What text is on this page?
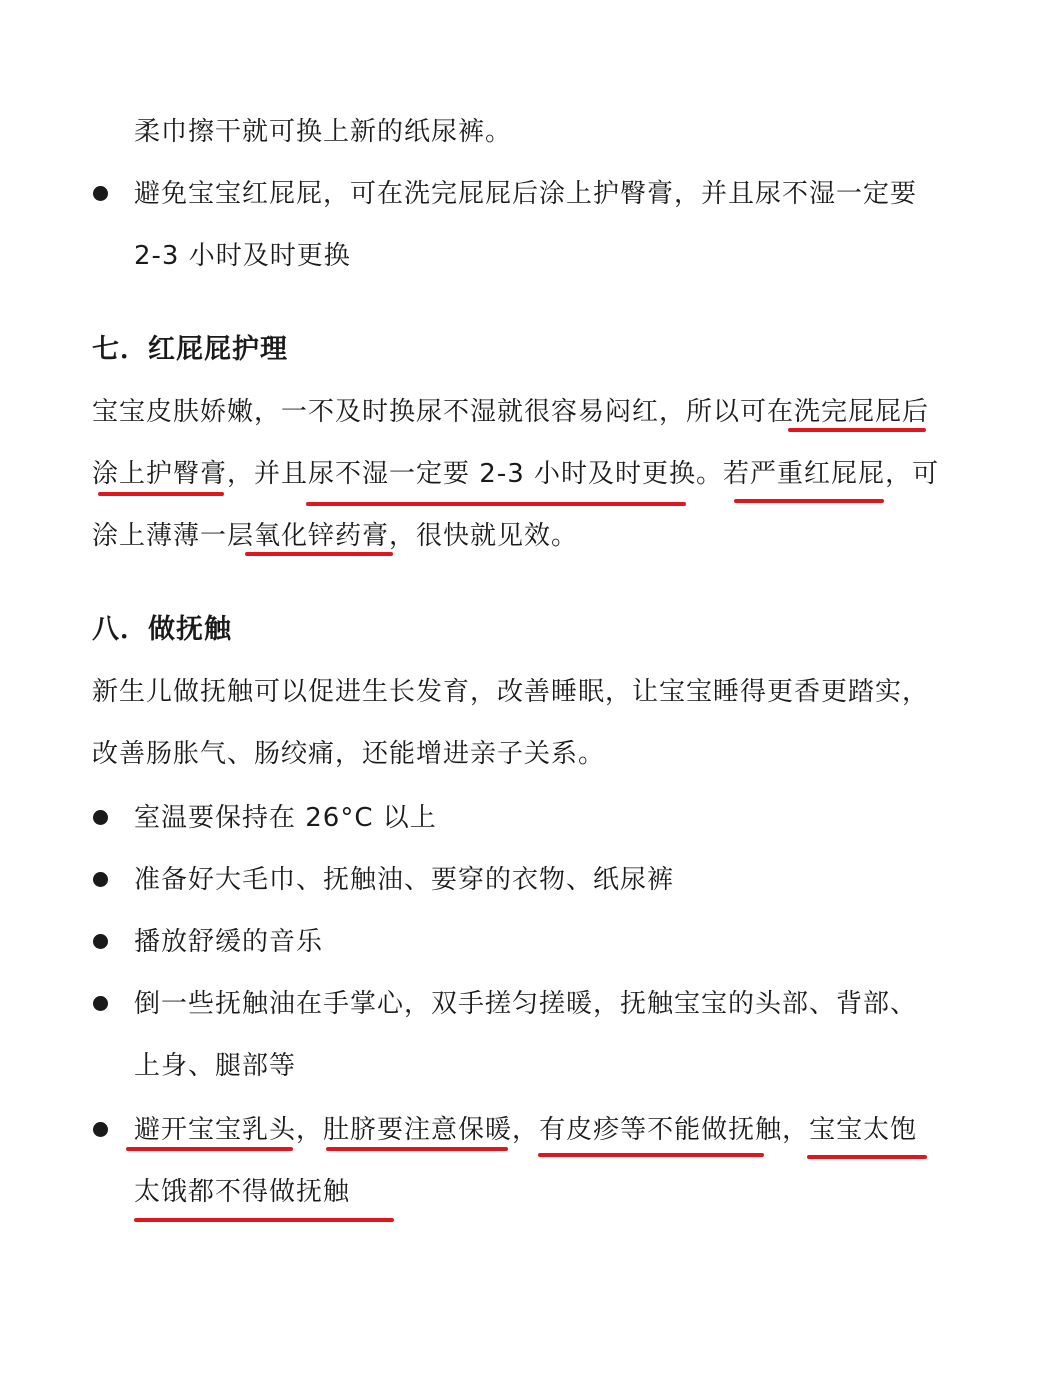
柔巾擦干就可换上新的纸尿裤。
避免宝宝红屁屁，可在洗完屁屁后涂上护臀膏，并且尿不湿一定要
2-3 小时及时更换
七．红屁屁护理
宝宝皮肤娇嫩，一不及时换尿不湿就很容易闷红，所以可在洗完屁屁后
涂上护臀膏，并且尿不湿一定要 2-3 小时及时更换。若严重红屁屁，可
涂上薄薄一层氧化锌药膏，很快就见效。
八．做抚触
新生儿做抚触可以促进生长发育，改善睡眠，让宝宝睡得更香更踏实，
改善肠胀气、肠绞痛，还能增进亲子关系。
室温要保持在 26°C 以上
准备好大毛巾、抚触油、要穿的衣物、纸尿裤
播放舒缓的音乐
倒一些抚触油在手掌心，双手搓匀搓暖，抚触宝宝的头部、背部、
上身、腿部等
避开宝宝乳头，肚脐要注意保暖，有皮疹等不能做抚触，宝宝太饱
太饿都不得做抚触
